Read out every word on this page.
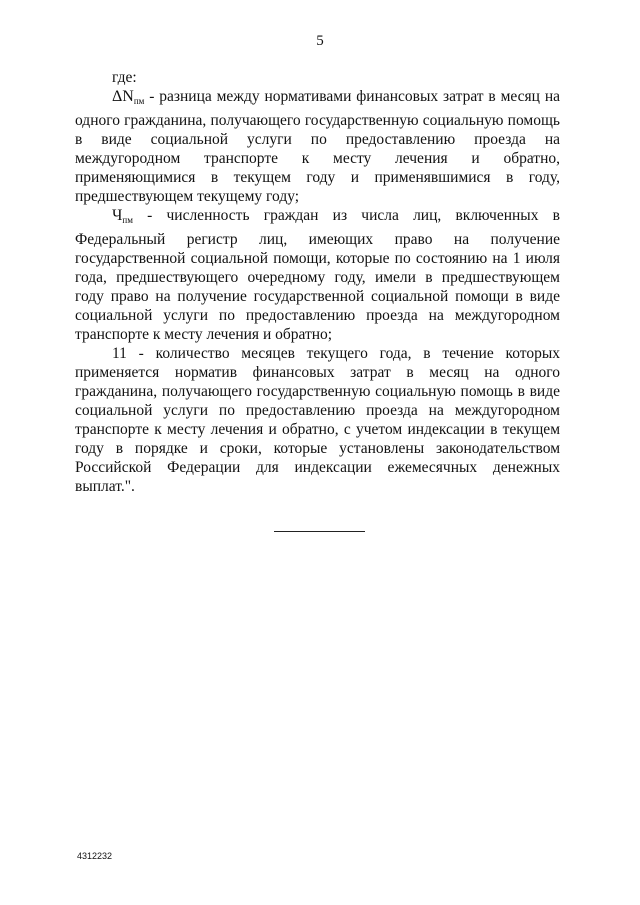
5

где:

$\Delta N_{пм}$ - разница между нормативами финансовых затрат в месяц на одного гражданина, получающего государственную социальную помощь в виде социальной услуги по предоставлению проезда на междугородном транспорте к месту лечения и обратно, применяющимися в текущем году и применявшимися в году, предшествующем текущему году;

$Ч_{пм}$ - численность граждан из числа лиц, включенных в Федеральный регистр лиц, имеющих право на получение государственной социальной помощи, которые по состоянию на 1 июля года, предшествующего очередному году, имели в предшествующем году право на получение государственной социальной помощи в виде социальной услуги по предоставлению проезда на междугородном транспорте к месту лечения и обратно;

11 - количество месяцев текущего года, в течение которых применяется норматив финансовых затрат в месяц на одного гражданина, получающего государственную социальную помощь в виде социальной услуги по предоставлению проезда на междугородном транспорте к месту лечения и обратно, с учетом индексации в текущем году в порядке и сроки, которые установлены законодательством Российской Федерации для индексации ежемесячных денежных выплат.".

4312232
